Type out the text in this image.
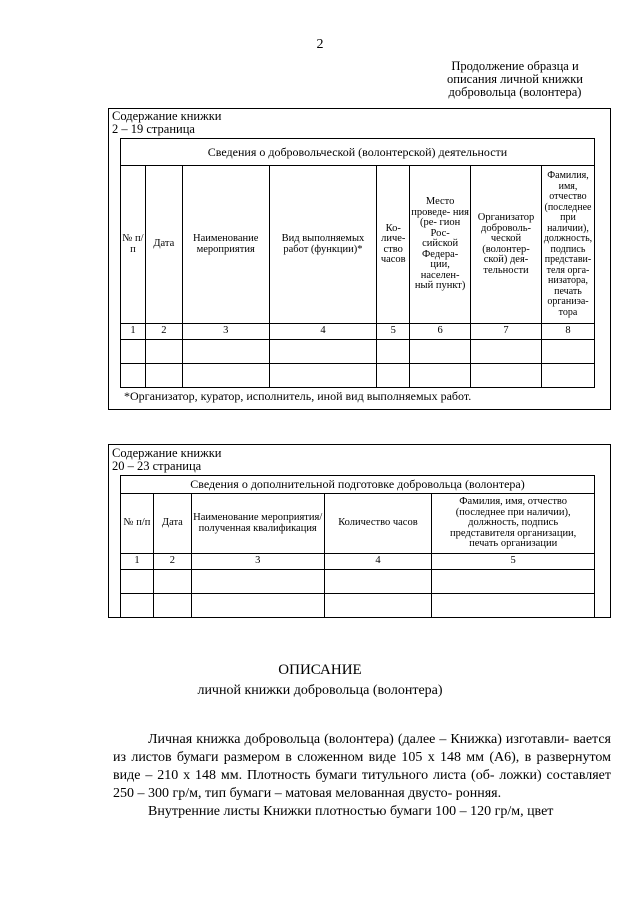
2
Продолжение образца и
описания личной книжки
добровольца (волонтера)
Содержание книжки
2 – 19 страница
Сведения о добровольческой (волонтерской) деятельности							
№ п/п	Дата	Наименование мероприятия	Вид выполняемых работ (функции)*	Ко- личе- ство часов	Место проведе- ния (ре- гион Рос- сийской Федера- ции, населен- ный пункт)	Организатор доброволь- ческой (волонтер- ской) дея- тельности	Фамилия, имя, отчество (последнее при наличии), должность, подпись представи- теля орга- низатора, печать органиэа- тора
1	2	3	4	5	6	7	8

*Организатор, куратор, исполнитель, иной вид выполняемых работ.
Содержание книжки
20 – 23 страница
Сведения о дополнительной подготовке добровольца (волонтера)				
№ п/п	Дата	Наименование мероприятия/ полученная квалификация	Количество часов	Фамилия, имя, отчество (последнее при наличии), должность, подпись представителя организации, печать организации
1	2	3	4	5

ОПИСАНИЕ
личной книжки добровольца (волонтера)

Личная книжка добровольца (волонтера) (далее – Книжка) изготавли- вается из листов бумаги размером в сложенном виде 105 х 148 мм (А6), в развернутом виде – 210 х 148 мм. Плотность бумаги титульного листа (об- ложки) составляет 250 – 300 гр/м, тип бумаги – матовая мелованная двусто- ронняя.

Внутренние листы Книжки плотностью бумаги 100 – 120 гр/м, цвет
